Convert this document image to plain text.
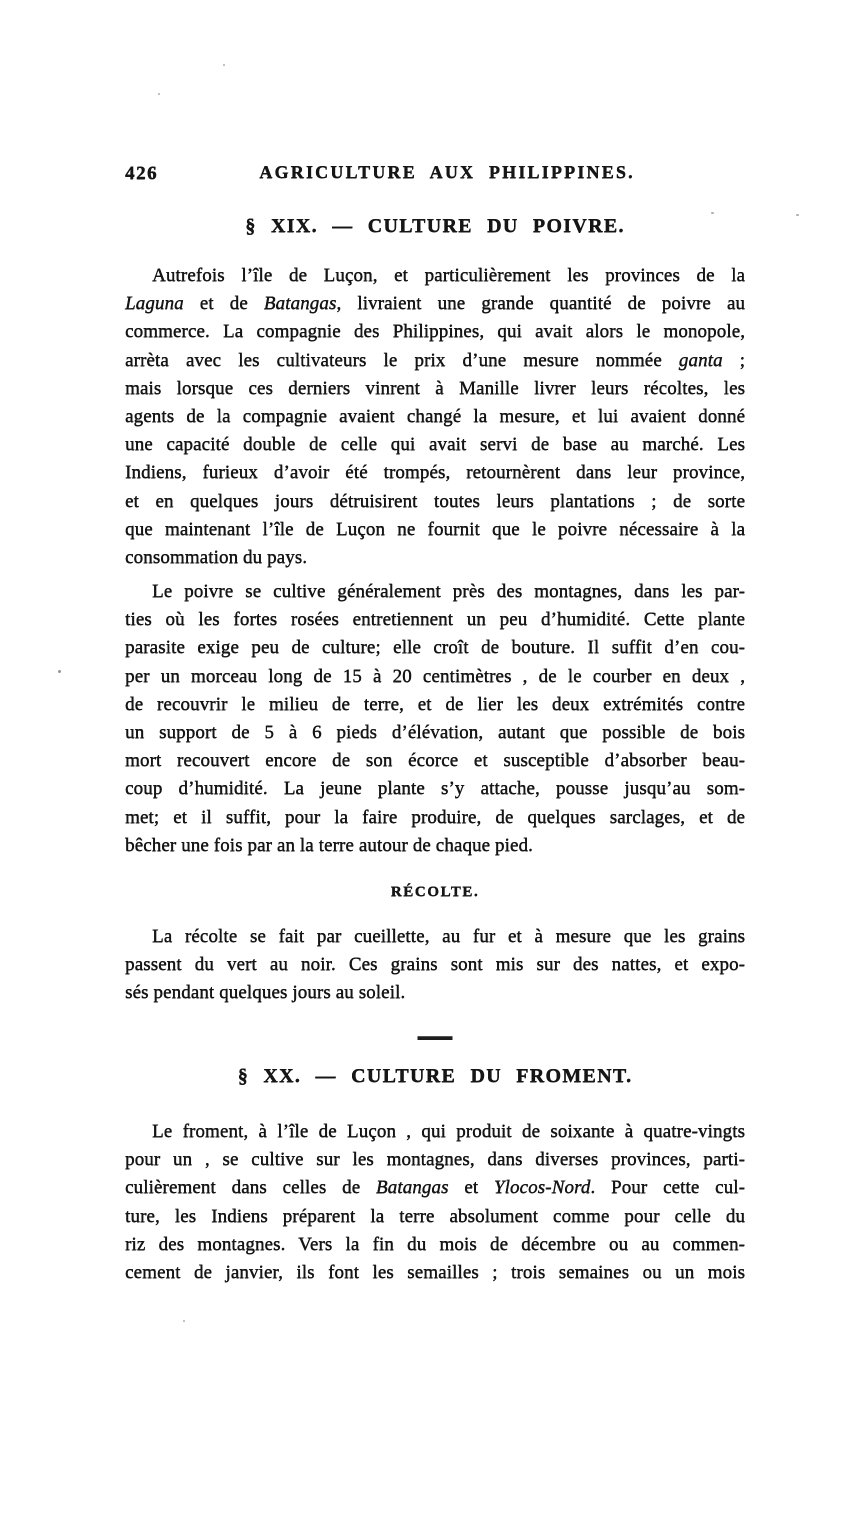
426	AGRICULTURE AUX PHILIPPINES.
§ XIX. — CULTURE DU POIVRE.
Autrefois l’île de Luçon, et particulièrement les provinces de la
Laguna et de Batangas, livraient une grande quantité de poivre au
commerce. La compagnie des Philippines, qui avait alors le monopole,
arrèta avec les cultivateurs le prix d’une mesure nommée ganta ;
mais lorsque ces derniers vinrent à Manille livrer leurs récoltes, les
agents de la compagnie avaient changé la mesure, et lui avaient donné
une capacité double de celle qui avait servi de base au marché. Les
Indiens, furieux d’avoir été trompés, retournèrent dans leur province,
et en quelques jours détruisirent toutes leurs plantations ; de sorte
que maintenant l’île de Luçon ne fournit que le poivre nécessaire à la
consommation du pays.
Le poivre se cultive généralement près des montagnes, dans les par-
ties où les fortes rosées entretiennent un peu d’humidité. Cette plante
parasite exige peu de culture; elle croît de bouture. Il suffit d’en cou-
per un morceau long de 15 à 20 centimètres , de le courber en deux ,
de recouvrir le milieu de terre, et de lier les deux extrémités contre
un support de 5 à 6 pieds d’élévation, autant que possible de bois
mort recouvert encore de son écorce et susceptible d’absorber beau-
coup d’humidité. La jeune plante s’y attache, pousse jusqu’au som-
met; et il suffit, pour la faire produire, de quelques sarclages, et de
bêcher une fois par an la terre autour de chaque pied.
RÉCOLTE.
La récolte se fait par cueillette, au fur et à mesure que les grains
passent du vert au noir. Ces grains sont mis sur des nattes, et expo-
sés pendant quelques jours au soleil.
§ XX. — CULTURE DU FROMENT.
Le froment, à l’île de Luçon , qui produit de soixante à quatre-vingts
pour un , se cultive sur les montagnes, dans diverses provinces, parti-
culièrement dans celles de Batangas et Ylocos-Nord. Pour cette cul-
ture, les Indiens préparent la terre absolument comme pour celle du
riz des montagnes. Vers la fin du mois de décembre ou au commen-
cement de janvier, ils font les semailles ; trois semaines ou un mois
